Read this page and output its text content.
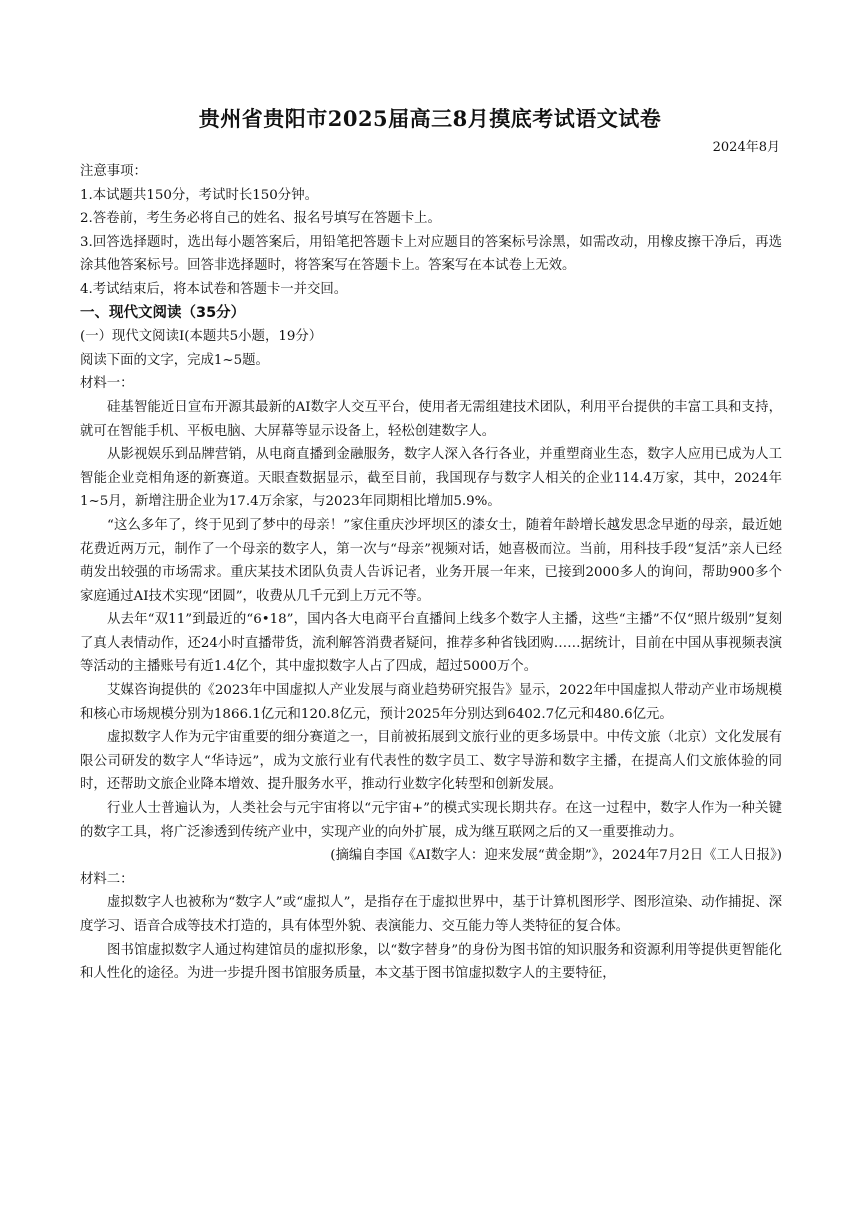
贵州省贵阳市2025届高三8月摸底考试语文试卷
2024年8月
注意事项：
1.本试题共150分，考试时长150分钟。
2.答卷前，考生务必将自己的姓名、报名号填写在答题卡上。
3.回答选择题时，选出每小题答案后，用铅笔把答题卡上对应题目的答案标号涂黑，如需改动，用橡皮擦干净后，再选涂其他答案标号。回答非选择题时，将答案写在答题卡上。答案写在本试卷上无效。
4.考试结束后，将本试卷和答题卡一并交回。
一、现代文阅读（35分）
(一）现代文阅读Ⅰ(本题共5小题，19分）
阅读下面的文字，完成1~5题。
材料一：
硅基智能近日宣布开源其最新的AI数字人交互平台，使用者无需组建技术团队，利用平台提供的丰富工具和支持，就可在智能手机、平板电脑、大屏幕等显示设备上，轻松创建数字人。
从影视娱乐到品牌营销，从电商直播到金融服务，数字人深入各行各业，并重塑商业生态，数字人应用已成为人工智能企业竞相角逐的新赛道。天眼查数据显示，截至目前，我国现存与数字人相关的企业114.4万家，其中，2024年1~5月，新增注册企业为17.4万余家，与2023年同期相比增加5.9%。
“这么多年了，终于见到了梦中的母亲！”家住重庆沙坪坝区的漆女士，随着年龄增长越发思念早逝的母亲，最近她花费近两万元，制作了一个母亲的数字人，第一次与“母亲”视频对话，她喜极而泣。当前，用科技手段“复活”亲人已经萌发出较强的市场需求。重庆某技术团队负责人告诉记者，业务开展一年来，已接到2000多人的询问，帮助900多个家庭通过AI技术实现“团圆”，收费从几千元到上万元不等。
从去年“双11”到最近的“6•18”，国内各大电商平台直播间上线多个数字人主播，这些“主播”不仅“照片级别”复刻了真人表情动作，还24小时直播带货，流利解答消费者疑问，推荐多种省钱团购……据统计，目前在中国从事视频表演等活动的主播账号有近1.4亿个，其中虚拟数字人占了四成，超过5000万个。
艾媒咨询提供的《2023年中国虚拟人产业发展与商业趋势研究报告》显示，2022年中国虚拟人带动产业市场规模和核心市场规模分别为1866.1亿元和120.8亿元，预计2025年分别达到6402.7亿元和480.6亿元。
虚拟数字人作为元宇宙重要的细分赛道之一，目前被拓展到文旅行业的更多场景中。中传文旅（北京）文化发展有限公司研发的数字人“华诗远”，成为文旅行业有代表性的数字员工、数字导游和数字主播，在提高人们文旅体验的同时，还帮助文旅企业降本增效、提升服务水平，推动行业数字化转型和创新发展。
行业人士普遍认为，人类社会与元宇宙将以“元宇宙+”的模式实现长期共存。在这一过程中，数字人作为一种关键的数字工具，将广泛渗透到传统产业中，实现产业的向外扩展，成为继互联网之后的又一重要推动力。
(摘编自李国《AI数字人：迎来发展“黄金期”》，2024年7月2日《工人日报》)
材料二：
虚拟数字人也被称为“数字人”或“虚拟人”，是指存在于虚拟世界中，基于计算机图形学、图形渲染、动作捕捉、深度学习、语音合成等技术打造的，具有体型外貌、表演能力、交互能力等人类特征的复合体。
图书馆虚拟数字人通过构建馆员的虚拟形象，以“数字替身”的身份为图书馆的知识服务和资源利用等提供更智能化和人性化的途径。为进一步提升图书馆服务质量，本文基于图书馆虚拟数字人的主要特征，
